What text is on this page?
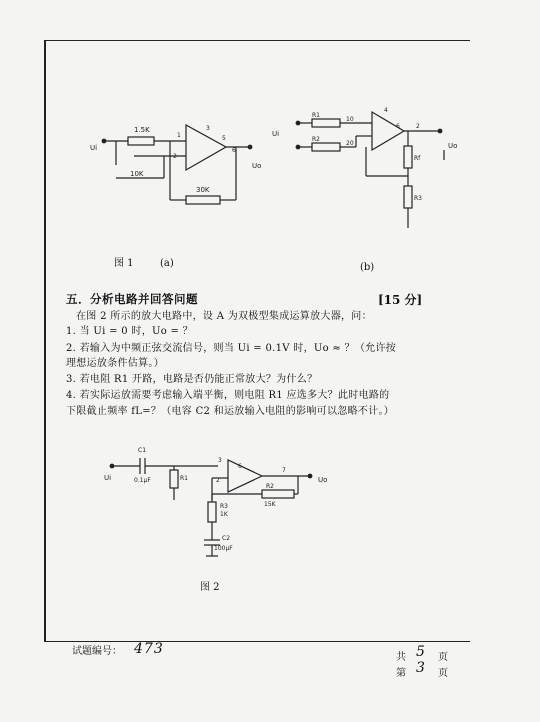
1.5K
1
2
3
6
5
Ui
10K
30K
Uo
Ui
R1
10
R2
20
4
6	2
Rf
R3
Uo
C1
0.1μF
Ui	R1
3
2
6
7
Uo
R2
15K
R3
1K
C2
100μF
图 1	(a)	(b)
五．分析电路并回答问题	[15 分]
在图 2 所示的放大电路中，设 A 为双极型集成运算放大器，问：
1. 当 Ui = 0 时，Uo = ？
2. 若输入为中频正弦交流信号，则当 Ui = 0.1V 时，Uo ≈ ？（允许按
理想运放条件估算。）
3. 若电阻 R1 开路，电路是否仍能正常放大？为什么？
4. 若实际运放需要考虑输入端平衡，则电阻 R1 应选多大？此时电路的
下限截止频率 fL=？（电容 C2 和运放输入电阻的影响可以忽略不计。）
图 2
试题编号： 473
共 5 页
第 3 页
